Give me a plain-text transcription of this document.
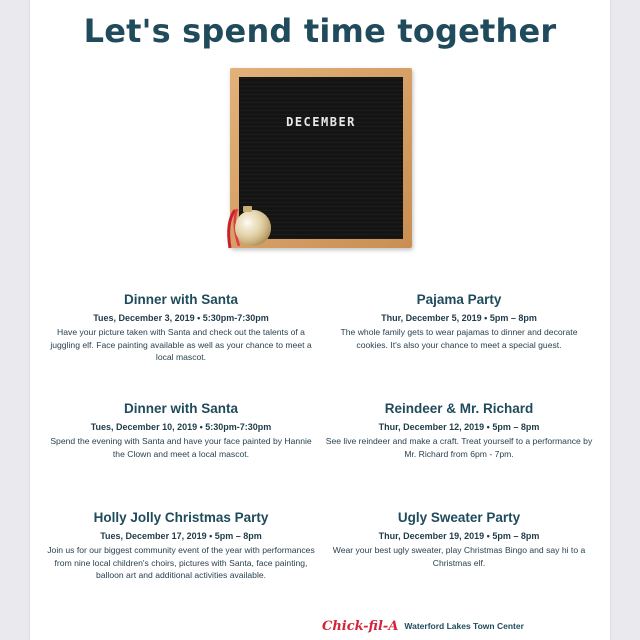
Let's spend time together
DECEMBER
Dinner with Santa
Tues, December 3, 2019 • 5:30pm-7:30pm
Have your picture taken with Santa and check out the talents of a juggling elf. Face painting available as well as your chance to meet a local mascot.
Pajama Party
Thur, December 5, 2019 • 5pm – 8pm
The whole family gets to wear pajamas to dinner and decorate cookies. It's also your chance to meet a special guest.
Dinner with Santa
Tues, December 10, 2019 • 5:30pm-7:30pm
Spend the evening with Santa and have your face painted by Hannie the Clown and meet a local mascot.
Reindeer & Mr. Richard
Thur, December 12, 2019 • 5pm – 8pm
See live reindeer and make a craft. Treat yourself to a performance by Mr. Richard from 6pm - 7pm.
Holly Jolly Christmas Party
Tues, December 17, 2019 • 5pm – 8pm
Join us for our biggest community event of the year with performances from nine local children's choirs, pictures with Santa, face painting, balloon art and additional activities available.
Ugly Sweater Party
Thur, December 19, 2019 • 5pm – 8pm
Wear your best ugly sweater, play Christmas Bingo and say hi to a Christmas elf.
Chick-fil-A Waterford Lakes Town Center
